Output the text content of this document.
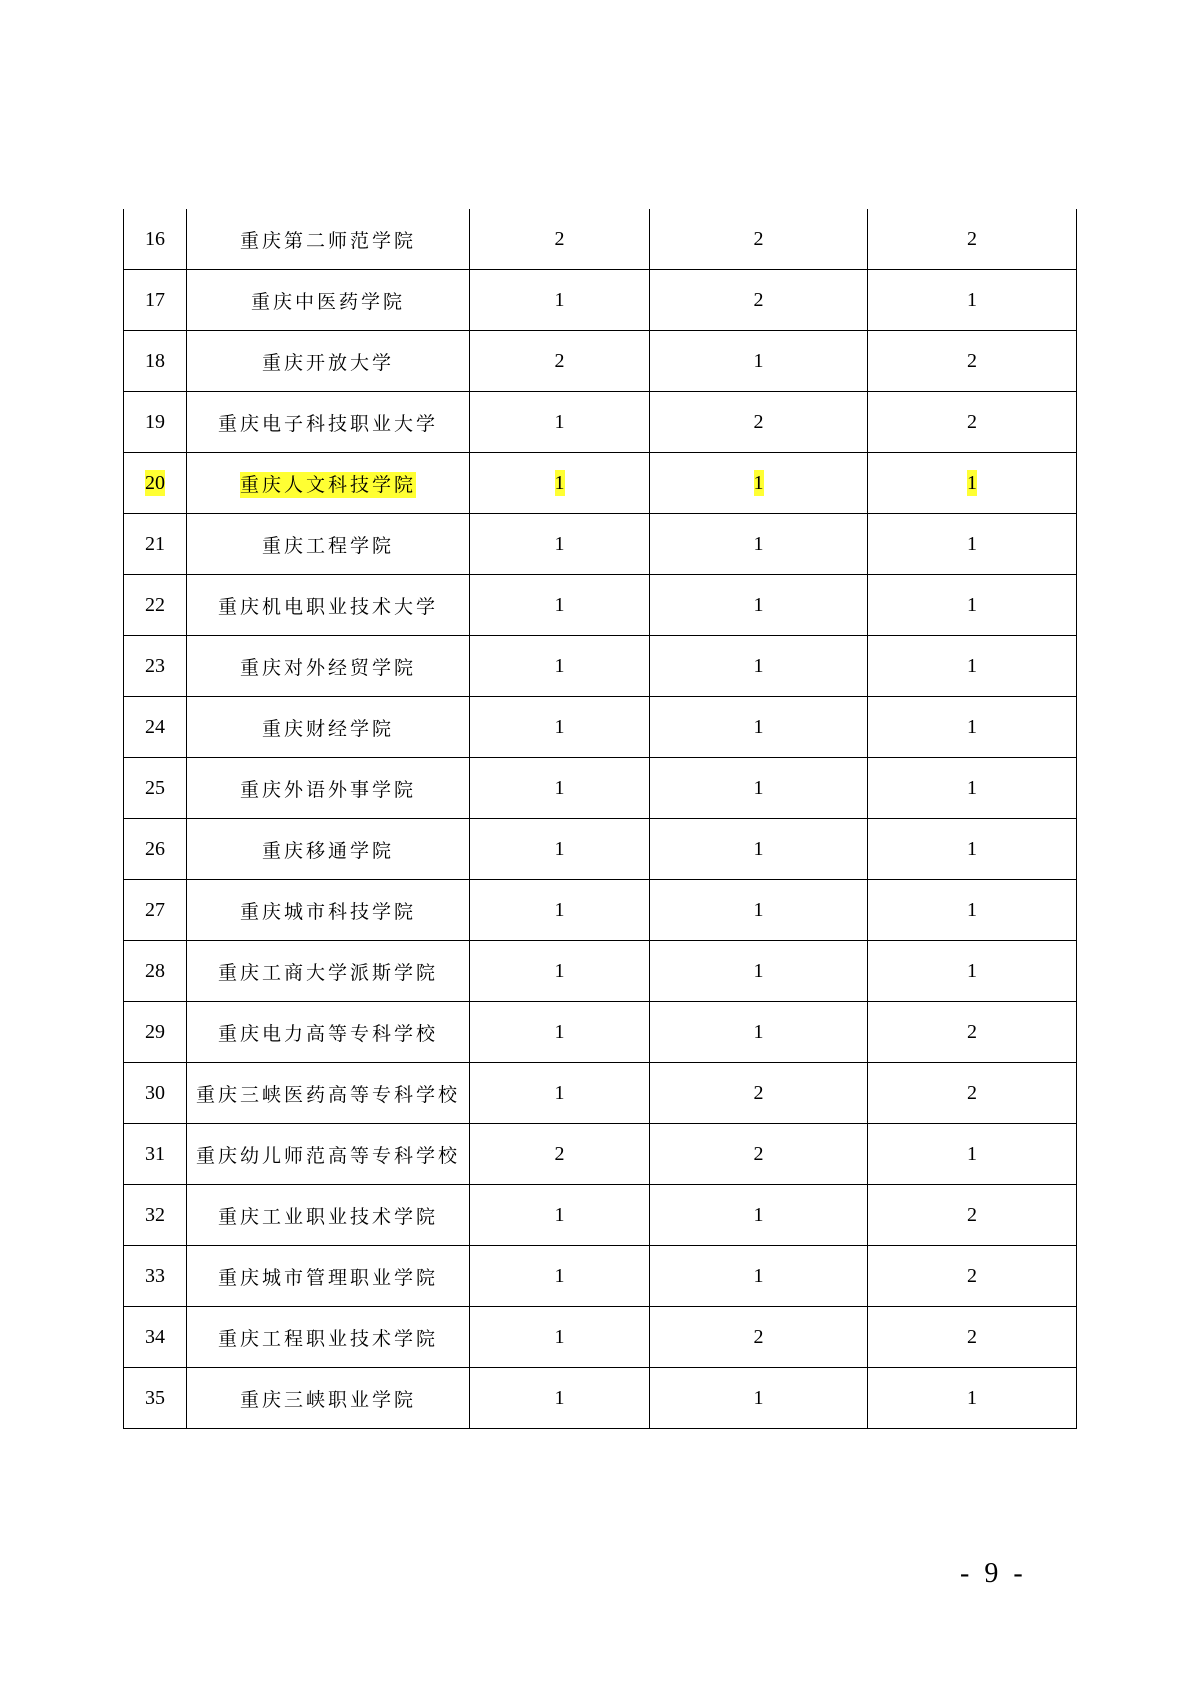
16	重庆第二师范学院	2	2	2
17	重庆中医药学院	1	2	1
18	重庆开放大学	2	1	2
19	重庆电子科技职业大学	1	2	2
20	重庆人文科技学院	1	1	1
21	重庆工程学院	1	1	1
22	重庆机电职业技术大学	1	1	1
23	重庆对外经贸学院	1	1	1
24	重庆财经学院	1	1	1
25	重庆外语外事学院	1	1	1
26	重庆移通学院	1	1	1
27	重庆城市科技学院	1	1	1
28	重庆工商大学派斯学院	1	1	1
29	重庆电力高等专科学校	1	1	2
30	重庆三峡医药高等专科学校	1	2	2
31	重庆幼儿师范高等专科学校	2	2	1
32	重庆工业职业技术学院	1	1	2
33	重庆城市管理职业学院	1	1	2
34	重庆工程职业技术学院	1	2	2
35	重庆三峡职业学院	1	1	1
- 9 -
